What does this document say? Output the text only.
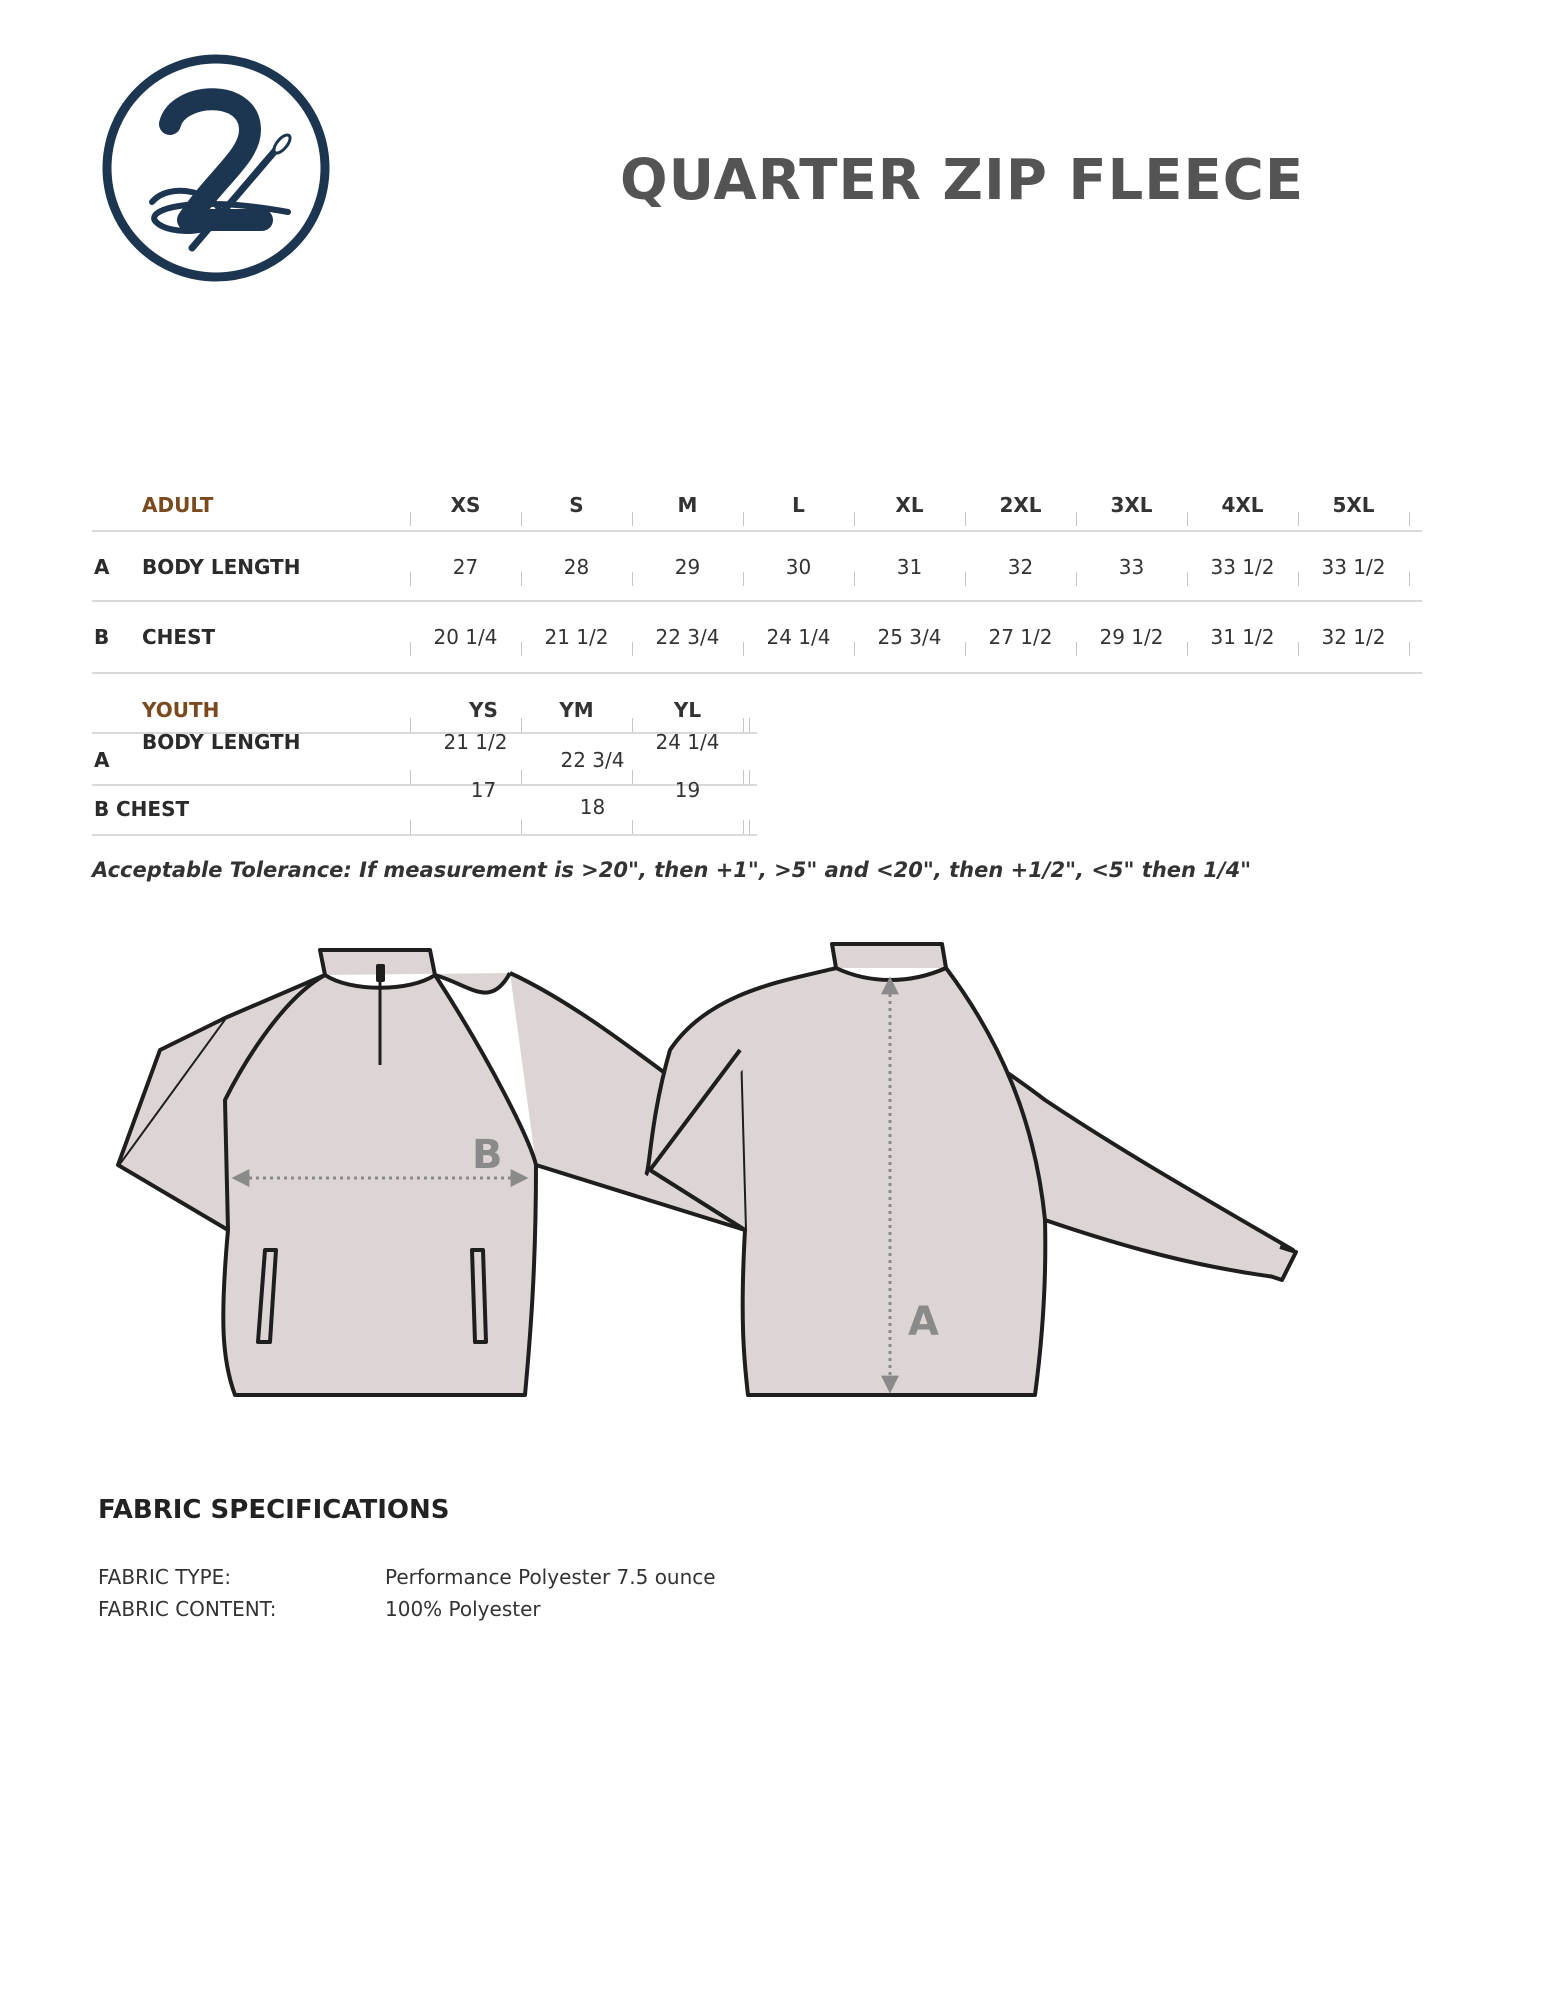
QUARTER ZIP FLEECE
ADULT
A BODY LENGTH
B CHEST
XS
27
20 1/4
S
28
21 1/2
M
29
22 3/4
L
30
24 1/4
XL
31
25 3/4
2XL
32
27 1/2
3XL
33
29 1/2
4XL
33 1/2
31 1/2
5XL
33 1/2
32 1/2
YOUTH
BODY LENGTH
A
B CHEST
YS
21 1/2
17
YM
22 3/4
18
YL
24 1/4
19
Acceptable Tolerance: If measurement is >20", then +1", >5" and <20", then +1/2", <5" then 1/4"
B
A
FABRIC SPECIFICATIONS
FABRIC TYPE:	Performance Polyester 7.5 ounce
FABRIC CONTENT:	100% Polyester
